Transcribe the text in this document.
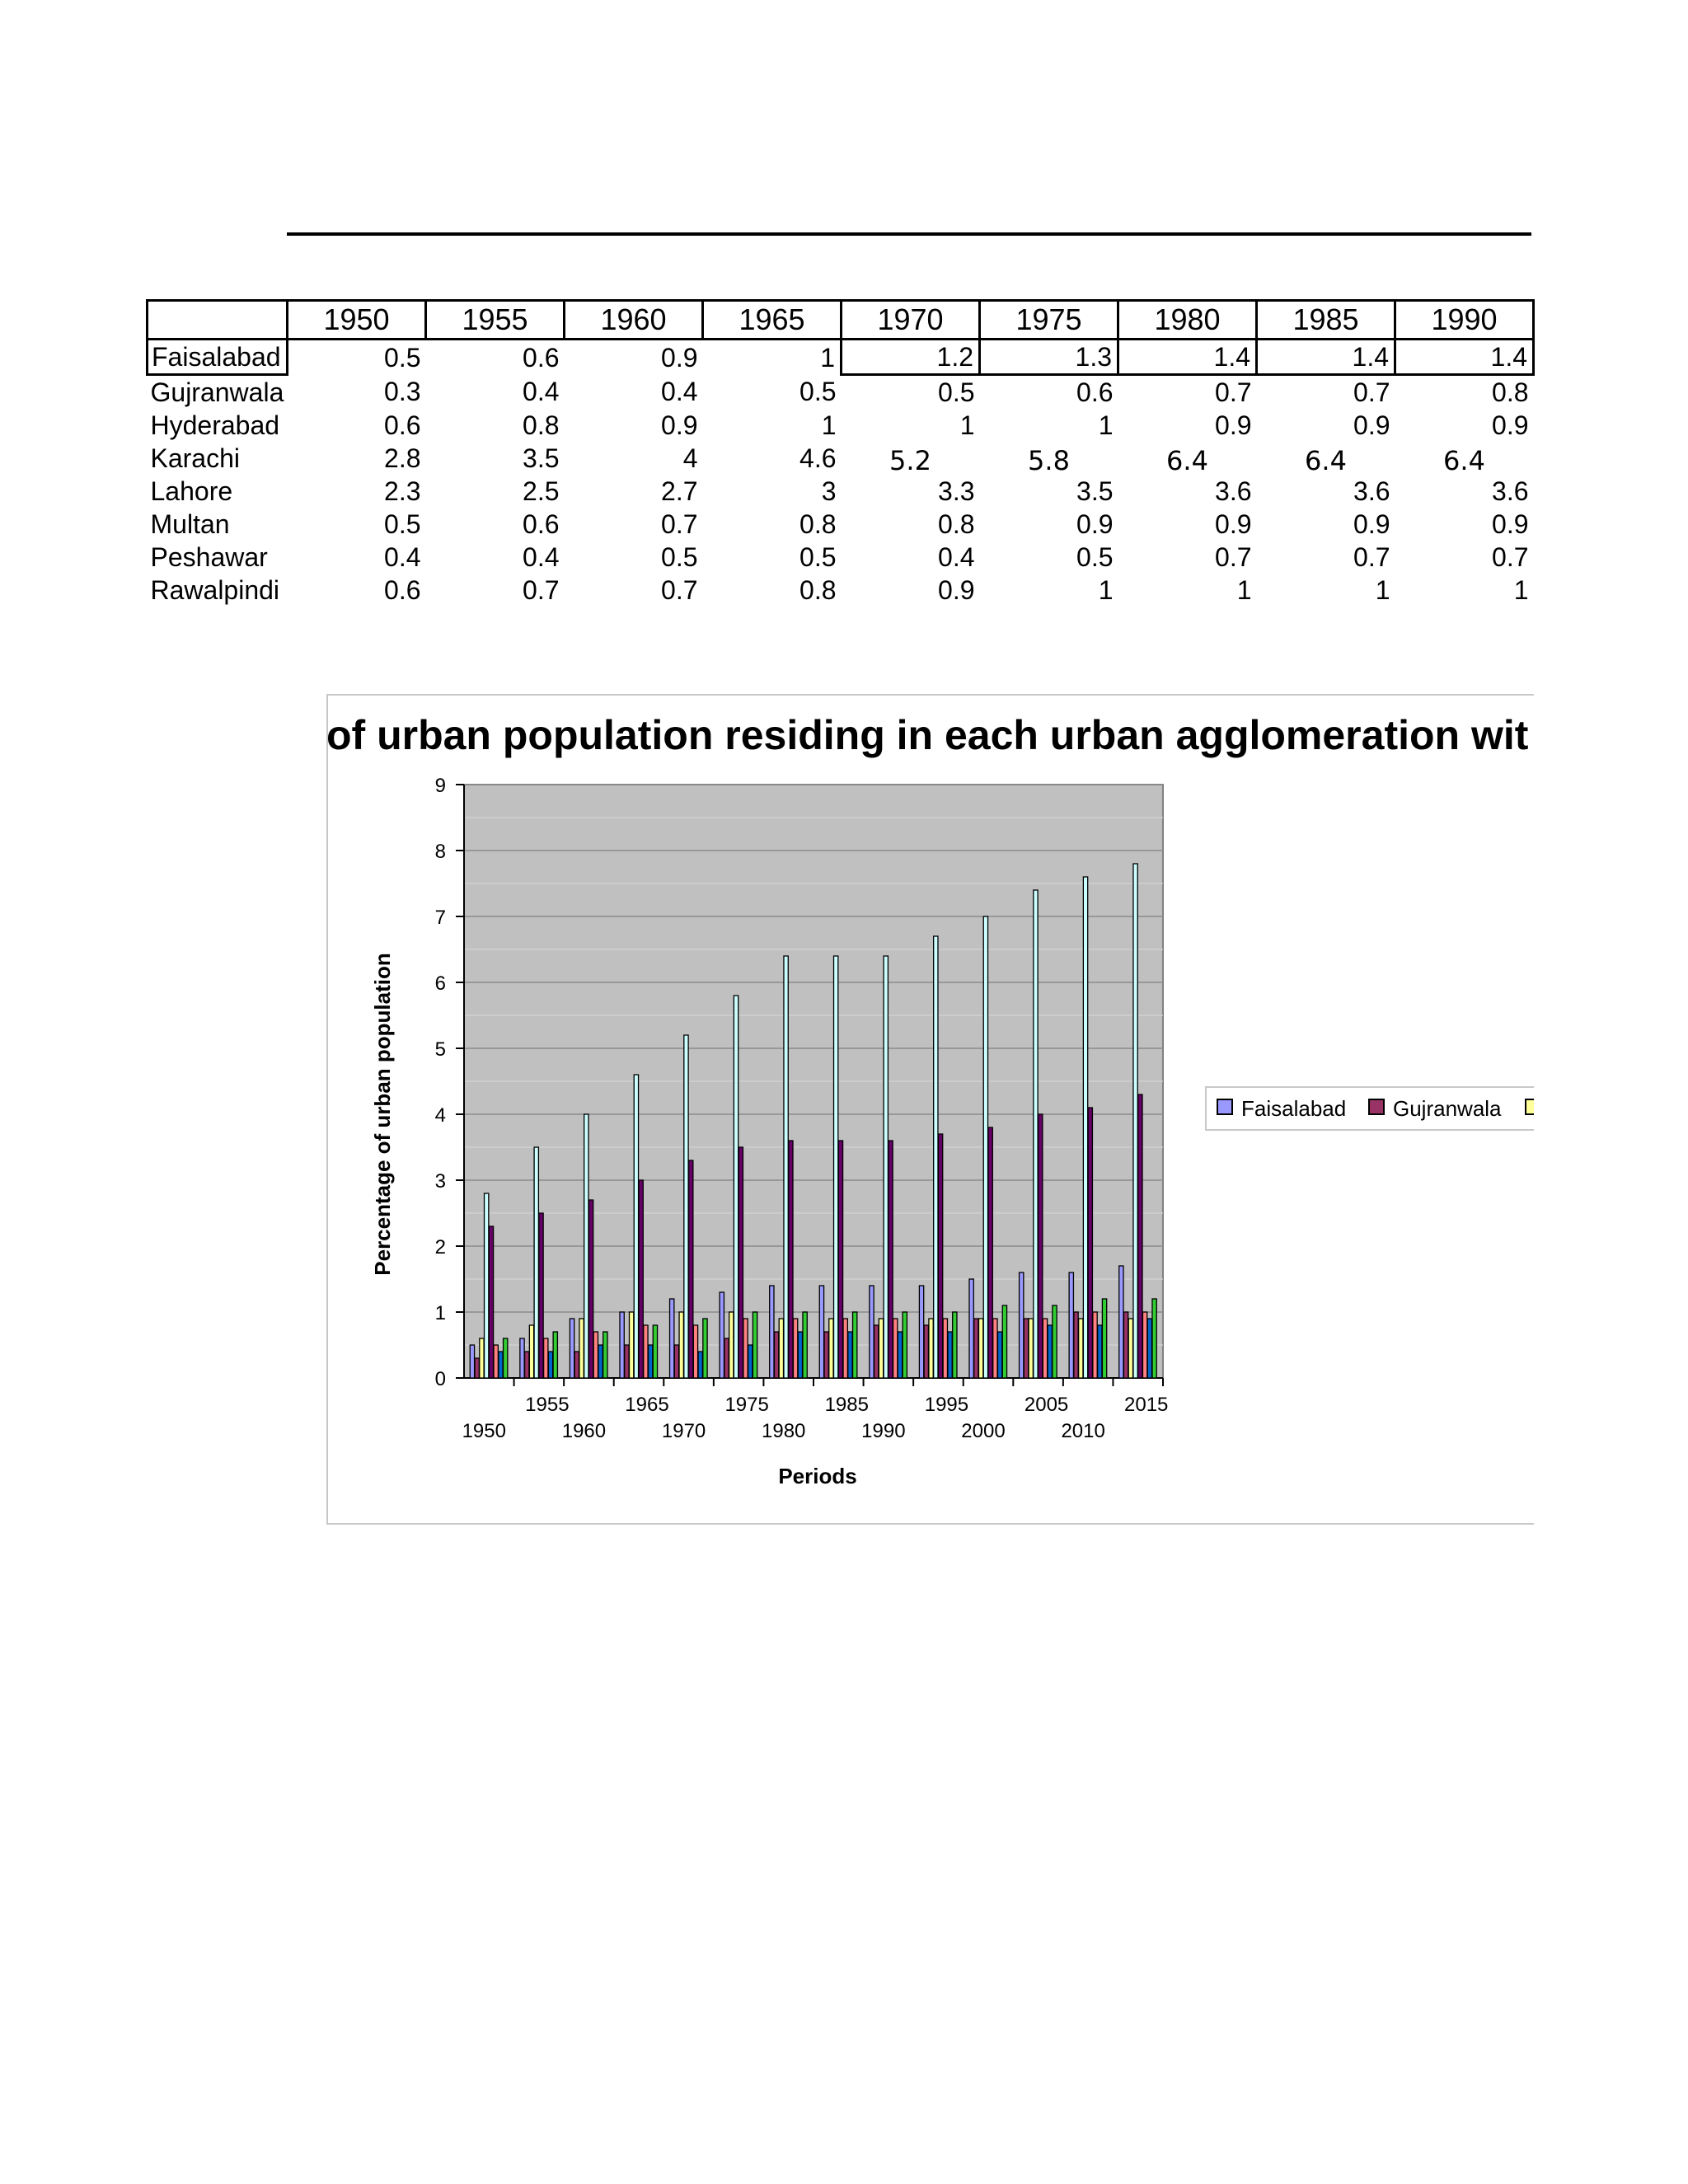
	1950	1955	1960	1965	1970	1975	1980	1985	1990
Faisalabad	0.5	0.6	0.9	1	1.2	1.3	1.4	1.4	1.4
Gujranwala	0.3	0.4	0.4	0.5	0.5	0.6	0.7	0.7	0.8
Hyderabad	0.6	0.8	0.9	1	1	1	0.9	0.9	0.9
Karachi	2.8	3.5	4	4.6	5.2	5.8	6.4	6.4	6.4
Lahore	2.3	2.5	2.7	3	3.3	3.5	3.6	3.6	3.6
Multan	0.5	0.6	0.7	0.8	0.8	0.9	0.9	0.9	0.9
Peshawar	0.4	0.4	0.5	0.5	0.4	0.5	0.7	0.7	0.7
Rawalpindi	0.6	0.7	0.7	0.8	0.9	1	1	1	1
of urban population residing in each urban agglomeration wit
0
1
2
3
4
5
6
7
8
9
1950
1955
1960
1965
1970
1975
1980
1985
1990
1995
2000
2005
2010
2015
Periods
Percentage of urban population	Faisalabad Gujranwala
